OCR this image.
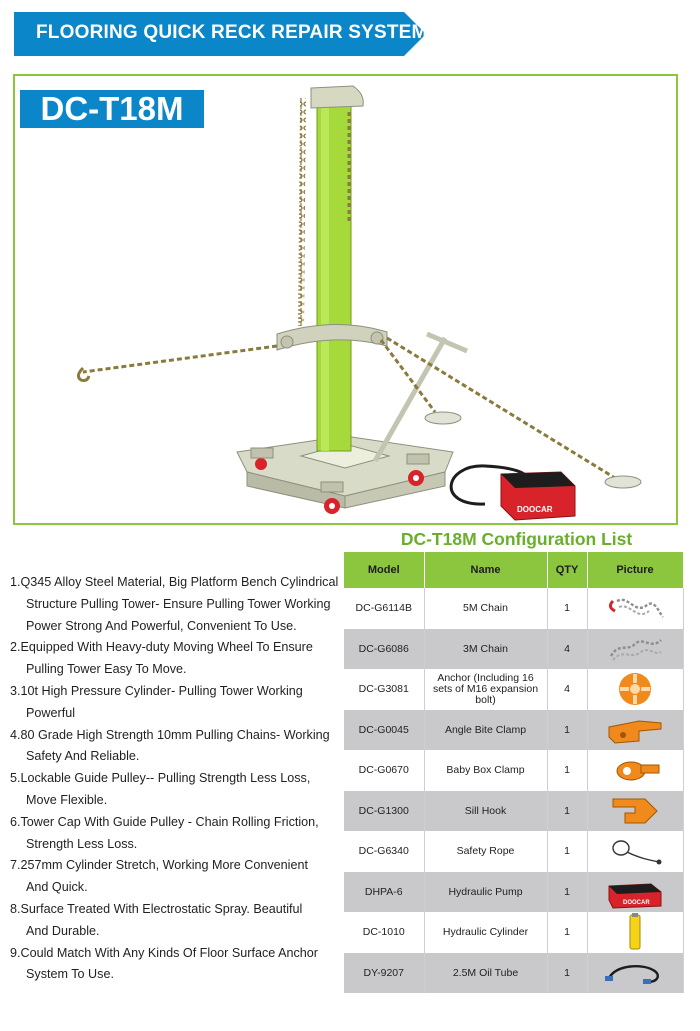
FLOORING QUICK RECK REPAIR SYSTEM
DOOCAR
DC-T18M
DC-T18M Configuration List
1.Q345 Alloy Steel Material, Big Platform Bench Cylindrical
Structure Pulling Tower- Ensure Pulling Tower Working
Power Strong And Powerful, Convenient To Use.
2.Equipped With Heavy-duty Moving Wheel To Ensure
Pulling Tower Easy To Move.
3.10t High Pressure Cylinder- Pulling Tower Working
Powerful
4.80 Grade High Strength 10mm Pulling Chains- Working
Safety And Reliable.
5.Lockable Guide Pulley-- Pulling Strength Less Loss,
Move Flexible.
6.Tower Cap With Guide Pulley - Chain Rolling Friction,
Strength Less Loss.
7.257mm Cylinder Stretch, Working More Convenient
And Quick.
8.Surface Treated With Electrostatic Spray. Beautiful
And Durable.
9.Could Match With Any Kinds Of Floor Surface Anchor
System To Use.
Model	Name	QTY	Picture
DC-G6114B	5M Chain	1	

DC-G6086	3M Chain	4	

DC-G3081	Anchor (Including 16 sets of M16 expansion bolt)	4	

DC-G0045	Angle Bite Clamp	1	

DC-G0670	Baby Box Clamp	1	

DC-G1300	Sill Hook	1	

DC-G6340	Safety Rope	1	

DHPA-6	Hydraulic Pump	1	DOOCAR

DC-1010	Hydraulic Cylinder	1	

DY-9207	2.5M Oil Tube	1	
